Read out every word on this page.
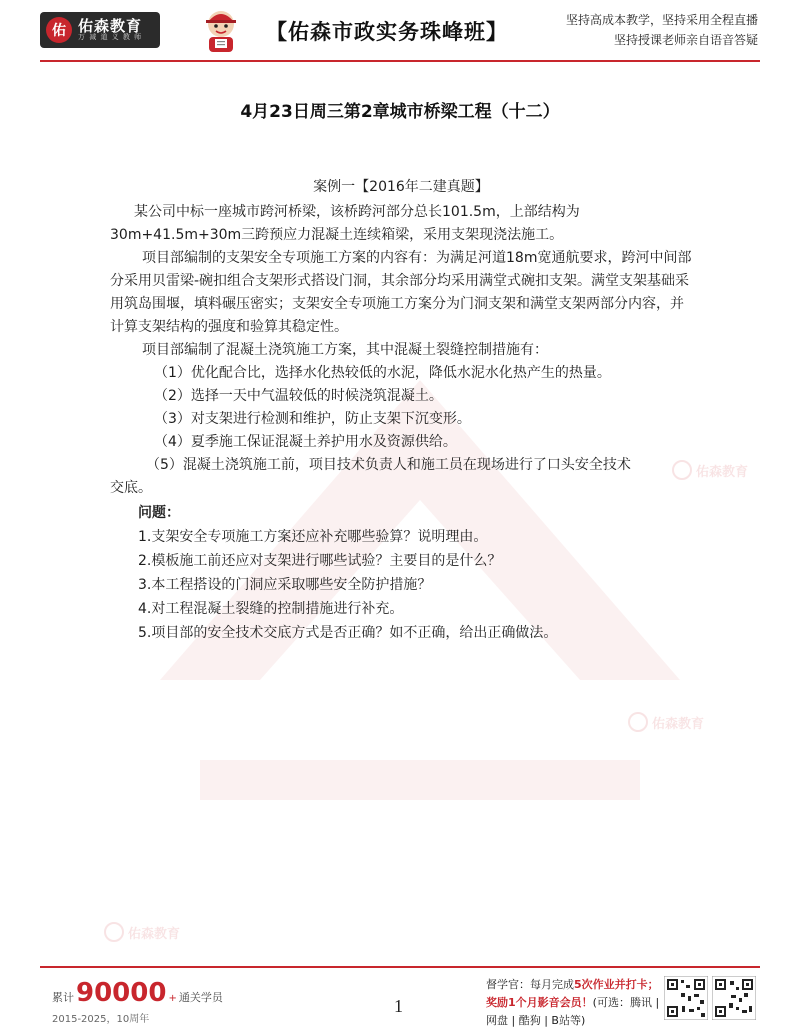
佑 佑森教育
万 减 道 义 教 师	【佑森市政实务珠峰班】	坚持高成本教学，坚持采用全程直播
坚持授课老师亲自语音答疑
佑森教育
佑森教育
佑森教育
4月23日周三第2章城市桥梁工程（十二）

案例一【2016年二建真题】

某公司中标一座城市跨河桥梁，该桥跨河部分总长101.5m，上部结构为

30m+41.5m+30m三跨预应力混凝土连续箱梁，采用支架现浇法施工。

项目部编制的支架安全专项施工方案的内容有：为满足河道18m宽通航要求，跨河中间部分采用贝雷梁-碗扣组合支架形式搭设门洞，其余部分均采用满堂式碗扣支架。满堂支架基础采用筑岛围堰，填料碾压密实；支架安全专项施工方案分为门洞支架和满堂支架两部分内容，并计算支架结构的强度和验算其稳定性。

项目部编制了混凝土浇筑施工方案，其中混凝土裂缝控制措施有：

（1）优化配合比，选择水化热较低的水泥，降低水泥水化热产生的热量。

（2）选择一天中气温较低的时候浇筑混凝土。

（3）对支架进行检测和维护，防止支架下沉变形。

（4）夏季施工保证混凝土养护用水及资源供给。

（5）混凝土浇筑施工前，项目技术负责人和施工员在现场进行了口头安全技术

交底。

问题：

1.支架安全专项施工方案还应补充哪些验算？说明理由。

2.模板施工前还应对支架进行哪些试验？主要目的是什么？

3.本工程搭设的门洞应采取哪些安全防护措施？

4.对工程混凝土裂缝的控制措施进行补充。

5.项目部的安全技术交底方式是否正确？如不正确，给出正确做法。

累计 90000 + 通关学员
2015-2025，10周年
1
督学官：每月完成5次作业并打卡；
奖励1个月影音会员！(可选：腾讯 |
网盘 | 酷狗 | B站等)
